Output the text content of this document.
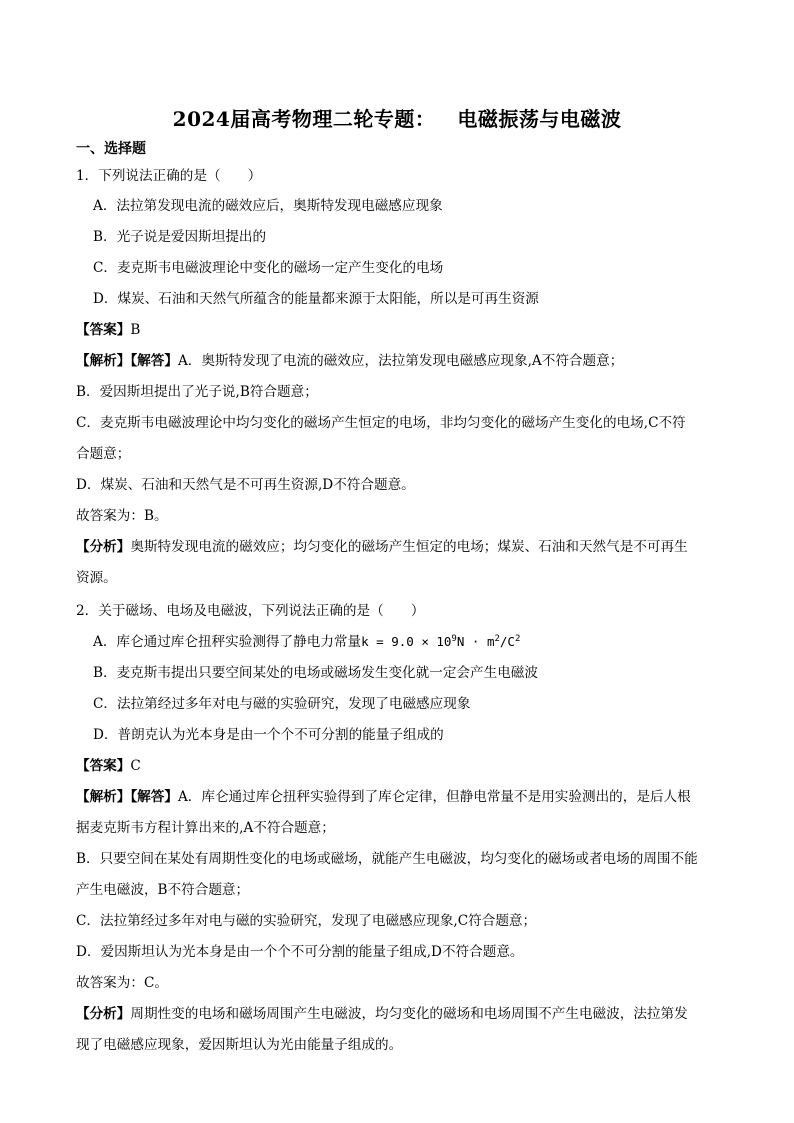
2024届高考物理二轮专题： 电磁振荡与电磁波
一、选择题
1．下列说法正确的是（　　）
A．法拉第发现电流的磁效应后，奥斯特发现电磁感应现象
B．光子说是爱因斯坦提出的
C．麦克斯韦电磁波理论中变化的磁场一定产生变化的电场
D．煤炭、石油和天然气所蕴含的能量都来源于太阳能，所以是可再生资源
【答案】B
【解析】【解答】A．奥斯特发现了电流的磁效应，法拉第发现电磁感应现象,A不符合题意；
B．爱因斯坦提出了光子说,B符合题意；
C．麦克斯韦电磁波理论中均匀变化的磁场产生恒定的电场，非均匀变化的磁场产生变化的电场,C不符
合题意；
D．煤炭、石油和天然气是不可再生资源,D不符合题意。
故答案为：B。
【分析】奥斯特发现电流的磁效应；均匀变化的磁场产生恒定的电场；煤炭、石油和天然气是不可再生
资源。
2．关于磁场、电场及电磁波，下列说法正确的是（　　）
A．库仑通过库仑扭秤实验测得了静电力常量$k = 9.0 \times 10^9N \cdot m^2/C^2$
B．麦克斯韦提出只要空间某处的电场或磁场发生变化就一定会产生电磁波
C．法拉第经过多年对电与磁的实验研究，发现了电磁感应现象
D．普朗克认为光本身是由一个个不可分割的能量子组成的
【答案】C
【解析】【解答】A．库仑通过库仑扭秤实验得到了库仑定律，但静电常量不是用实验测出的，是后人根
据麦克斯韦方程计算出来的,A不符合题意；
B．只要空间在某处有周期性变化的电场或磁场，就能产生电磁波，均匀变化的磁场或者电场的周围不能
产生电磁波，B不符合题意；
C．法拉第经过多年对电与磁的实验研究，发现了电磁感应现象,C符合题意；
D．爱因斯坦认为光本身是由一个个不可分割的能量子组成,D不符合题意。
故答案为：C。
【分析】周期性变的电场和磁场周围产生电磁波，均匀变化的磁场和电场周围不产生电磁波，法拉第发
现了电磁感应现象，爱因斯坦认为光由能量子组成的。
